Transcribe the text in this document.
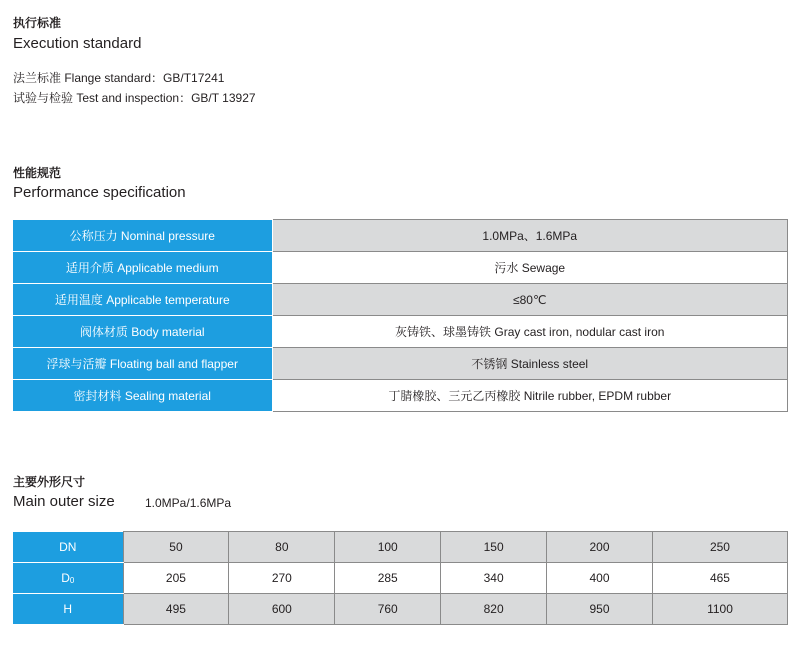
执行标准
Execution standard
法兰标准 Flange standard：GB/T17241
试验与检验 Test and inspection：GB/T 13927
性能规范
Performance specification
公称压力 Nominal pressure	1.0MPa、1.6MPa
适用介质 Applicable medium	污水 Sewage
适用温度 Applicable temperature	≤80℃
阀体材质 Body material	灰铸铁、球墨铸铁 Gray cast iron, nodular cast iron
浮球与活瓣 Floating ball and flapper	不锈钢 Stainless steel
密封材料 Sealing material	丁腈橡胶、三元乙丙橡胶 Nitrile rubber, EPDM rubber
主要外形尺寸
Main outer size	1.0MPa/1.6MPa
DN	50	80	100	150	200	250
D0	205	270	285	340	400	465
H	495	600	760	820	950	1100
